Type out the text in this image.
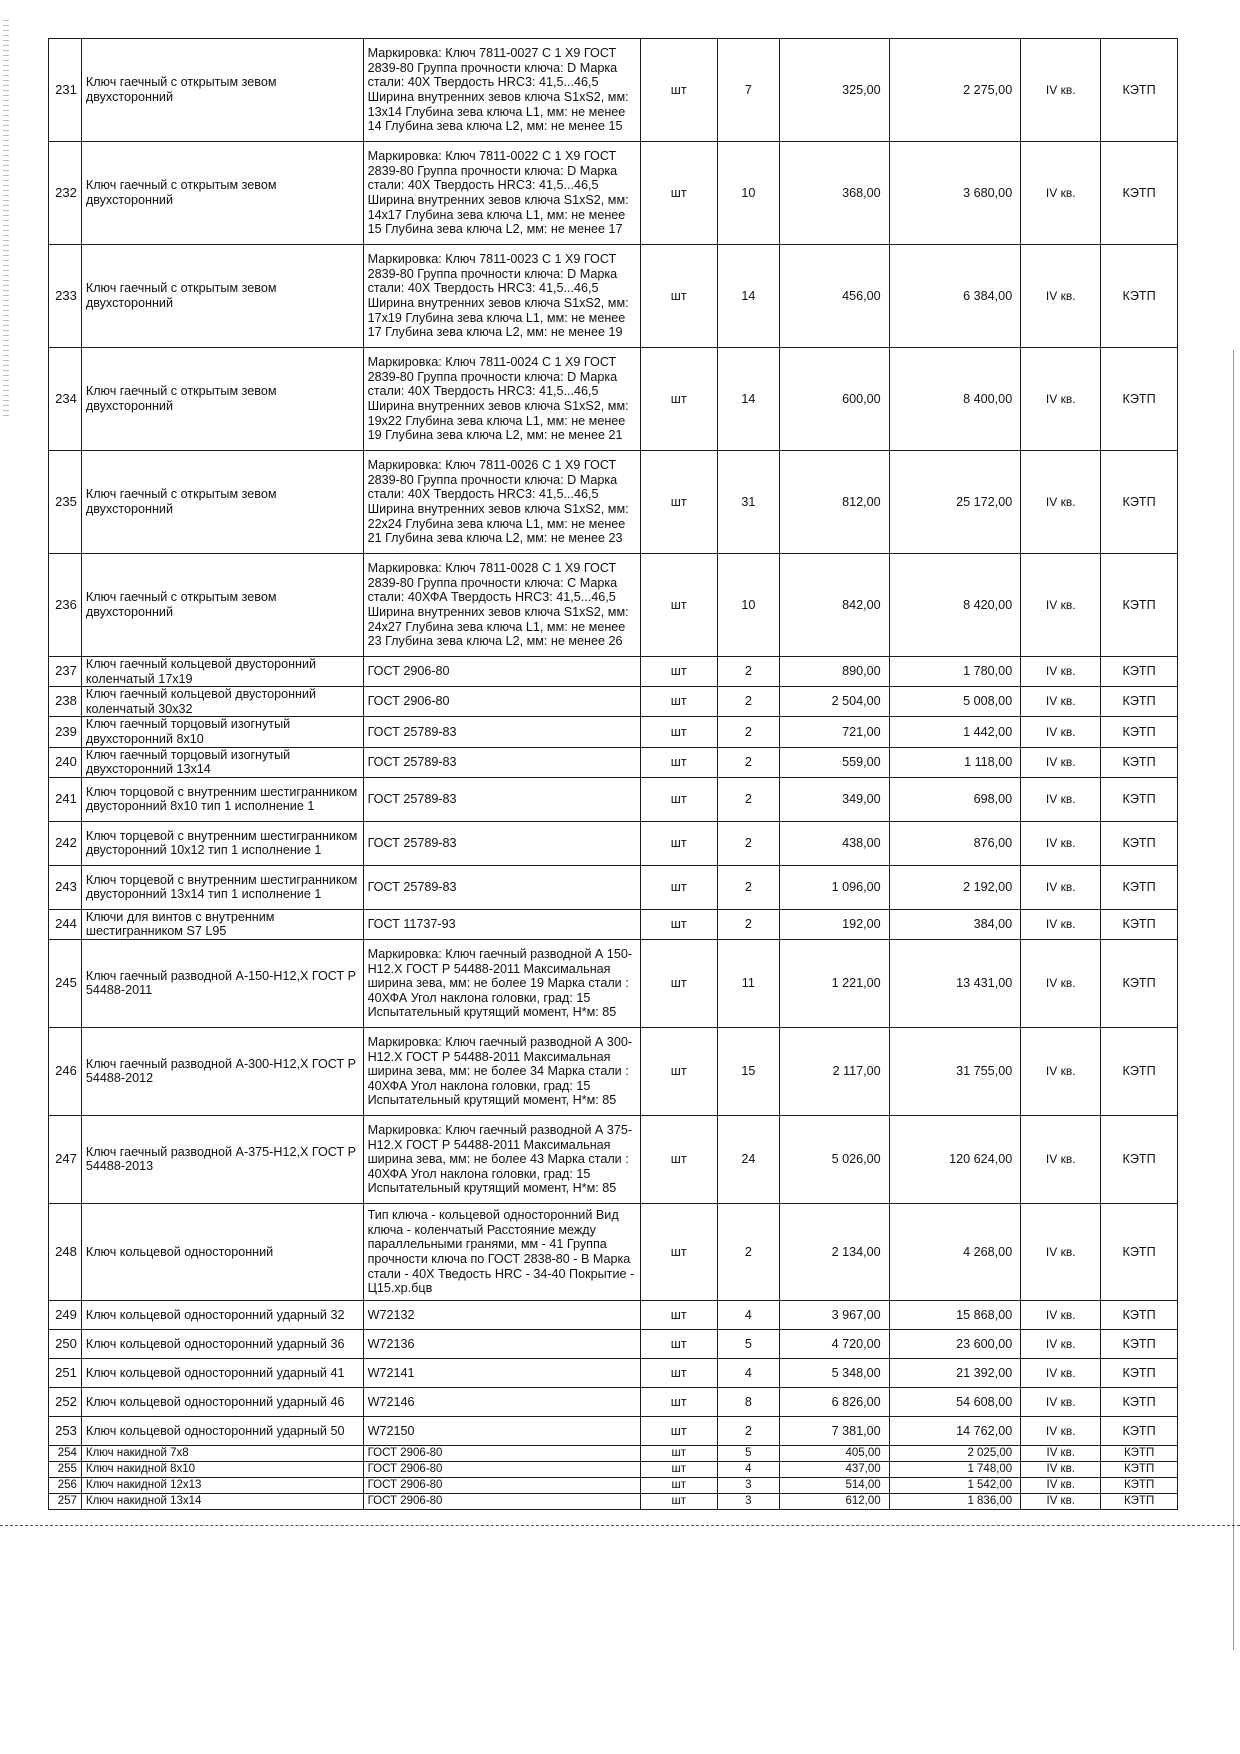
231	Ключ гаечный с открытым зевом двухсторонний	Маркировка: Ключ 7811-0027 С 1 Х9 ГОСТ 2839-80 Группа прочности ключа: D Марка стали: 40Х Твердость HRC3: 41,5...46,5 Ширина внутренних зевов ключа S1xS2, мм: 13x14 Глубина зева ключа L1, мм: не менее 14 Глубина зева ключа L2, мм: не менее 15	шт	7	325,00	2 275,00	IV кв.	КЭТП
232	Ключ гаечный с открытым зевом двухсторонний	Маркировка: Ключ 7811-0022 С 1 Х9 ГОСТ 2839-80 Группа прочности ключа: D Марка стали: 40Х Твердость HRC3: 41,5...46,5 Ширина внутренних зевов ключа S1xS2, мм: 14x17 Глубина зева ключа L1, мм: не менее 15 Глубина зева ключа L2, мм: не менее 17	шт	10	368,00	3 680,00	IV кв.	КЭТП
233	Ключ гаечный с открытым зевом двухсторонний	Маркировка: Ключ 7811-0023 С 1 Х9 ГОСТ 2839-80 Группа прочности ключа: D Марка стали: 40Х Твердость HRC3: 41,5...46,5 Ширина внутренних зевов ключа S1xS2, мм: 17x19 Глубина зева ключа L1, мм: не менее 17 Глубина зева ключа L2, мм: не менее 19	шт	14	456,00	6 384,00	IV кв.	КЭТП
234	Ключ гаечный с открытым зевом двухсторонний	Маркировка: Ключ 7811-0024 С 1 Х9 ГОСТ 2839-80 Группа прочности ключа: D Марка стали: 40Х Твердость HRC3: 41,5...46,5 Ширина внутренних зевов ключа S1xS2, мм: 19x22 Глубина зева ключа L1, мм: не менее 19 Глубина зева ключа L2, мм: не менее 21	шт	14	600,00	8 400,00	IV кв.	КЭТП
235	Ключ гаечный с открытым зевом двухсторонний	Маркировка: Ключ 7811-0026 С 1 Х9 ГОСТ 2839-80 Группа прочности ключа: D Марка стали: 40Х Твердость HRC3: 41,5...46,5 Ширина внутренних зевов ключа S1xS2, мм: 22x24 Глубина зева ключа L1, мм: не менее 21 Глубина зева ключа L2, мм: не менее 23	шт	31	812,00	25 172,00	IV кв.	КЭТП
236	Ключ гаечный с открытым зевом двухсторонний	Маркировка: Ключ 7811-0028 С 1 Х9 ГОСТ 2839-80 Группа прочности ключа: С Марка стали: 40ХФА Твердость HRC3: 41,5...46,5 Ширина внутренних зевов ключа S1xS2, мм: 24x27 Глубина зева ключа L1, мм: не менее 23 Глубина зева ключа L2, мм: не менее 26	шт	10	842,00	8 420,00	IV кв.	КЭТП
237	Ключ гаечный кольцевой двусторонний коленчатый 17x19	ГОСТ 2906-80	шт	2	890,00	1 780,00	IV кв.	КЭТП
238	Ключ гаечный кольцевой двусторонний коленчатый 30x32	ГОСТ 2906-80	шт	2	2 504,00	5 008,00	IV кв.	КЭТП
239	Ключ гаечный торцовый изогнутый двухсторонний 8x10	ГОСТ 25789-83	шт	2	721,00	1 442,00	IV кв.	КЭТП
240	Ключ гаечный торцовый изогнутый двухсторонний 13x14	ГОСТ 25789-83	шт	2	559,00	1 118,00	IV кв.	КЭТП
241	Ключ торцовой с внутренним шестигранником двусторонний 8x10 тип 1 исполнение 1	ГОСТ 25789-83	шт	2	349,00	698,00	IV кв.	КЭТП
242	Ключ торцевой с внутренним шестигранником двусторонний 10x12 тип 1 исполнение 1	ГОСТ 25789-83	шт	2	438,00	876,00	IV кв.	КЭТП
243	Ключ торцевой с внутренним шестигранником двусторонний 13x14 тип 1 исполнение 1	ГОСТ 25789-83	шт	2	1 096,00	2 192,00	IV кв.	КЭТП
244	Ключи для винтов с внутренним шестигранником S7 L95	ГОСТ 11737-93	шт	2	192,00	384,00	IV кв.	КЭТП
245	Ключ гаечный разводной А-150-Н12,Х ГОСТ Р 54488-2011	Маркировка: Ключ гаечный разводной А 150-Н12.Х ГОСТ Р 54488-2011 Максимальная ширина зева, мм: не более 19 Марка стали : 40ХФА Угол наклона головки, град: 15 Испытательный крутящий момент, Н*м: 85	шт	11	1 221,00	13 431,00	IV кв.	КЭТП
246	Ключ гаечный разводной А-300-Н12,Х ГОСТ Р 54488-2012	Маркировка: Ключ гаечный разводной А 300-Н12.Х ГОСТ Р 54488-2011 Максимальная ширина зева, мм: не более 34 Марка стали : 40ХФА Угол наклона головки, град: 15 Испытательный крутящий момент, Н*м: 85	шт	15	2 117,00	31 755,00	IV кв.	КЭТП
247	Ключ гаечный разводной А-375-Н12,Х ГОСТ Р 54488-2013	Маркировка: Ключ гаечный разводной А 375-Н12.Х ГОСТ Р 54488-2011 Максимальная ширина зева, мм: не более 43 Марка стали : 40ХФА Угол наклона головки, град: 15 Испытательный крутящий момент, Н*м: 85	шт	24	5 026,00	120 624,00	IV кв.	КЭТП
248	Ключ кольцевой односторонний	Тип ключа - кольцевой односторонний Вид ключа - коленчатый Расстояние между параллельными гранями, мм - 41 Группа прочности ключа по ГОСТ 2838-80 - В Марка стали - 40Х Тведость HRC - 34-40 Покрытие - Ц15.хр.бцв	шт	2	2 134,00	4 268,00	IV кв.	КЭТП
249	Ключ кольцевой односторонний ударный 32	W72132	шт	4	3 967,00	15 868,00	IV кв.	КЭТП
250	Ключ кольцевой односторонний ударный 36	W72136	шт	5	4 720,00	23 600,00	IV кв.	КЭТП
251	Ключ кольцевой односторонний ударный 41	W72141	шт	4	5 348,00	21 392,00	IV кв.	КЭТП
252	Ключ кольцевой односторонний ударный 46	W72146	шт	8	6 826,00	54 608,00	IV кв.	КЭТП
253	Ключ кольцевой односторонний ударный 50	W72150	шт	2	7 381,00	14 762,00	IV кв.	КЭТП
254	Ключ накидной 7x8	ГОСТ 2906-80	шт	5	405,00	2 025,00	IV кв.	КЭТП
255	Ключ накидной 8x10	ГОСТ 2906-80	шт	4	437,00	1 748,00	IV кв.	КЭТП
256	Ключ накидной 12x13	ГОСТ 2906-80	шт	3	514,00	1 542,00	IV кв.	КЭТП
257	Ключ накидной 13x14	ГОСТ 2906-80	шт	3	612,00	1 836,00	IV кв.	КЭТП
